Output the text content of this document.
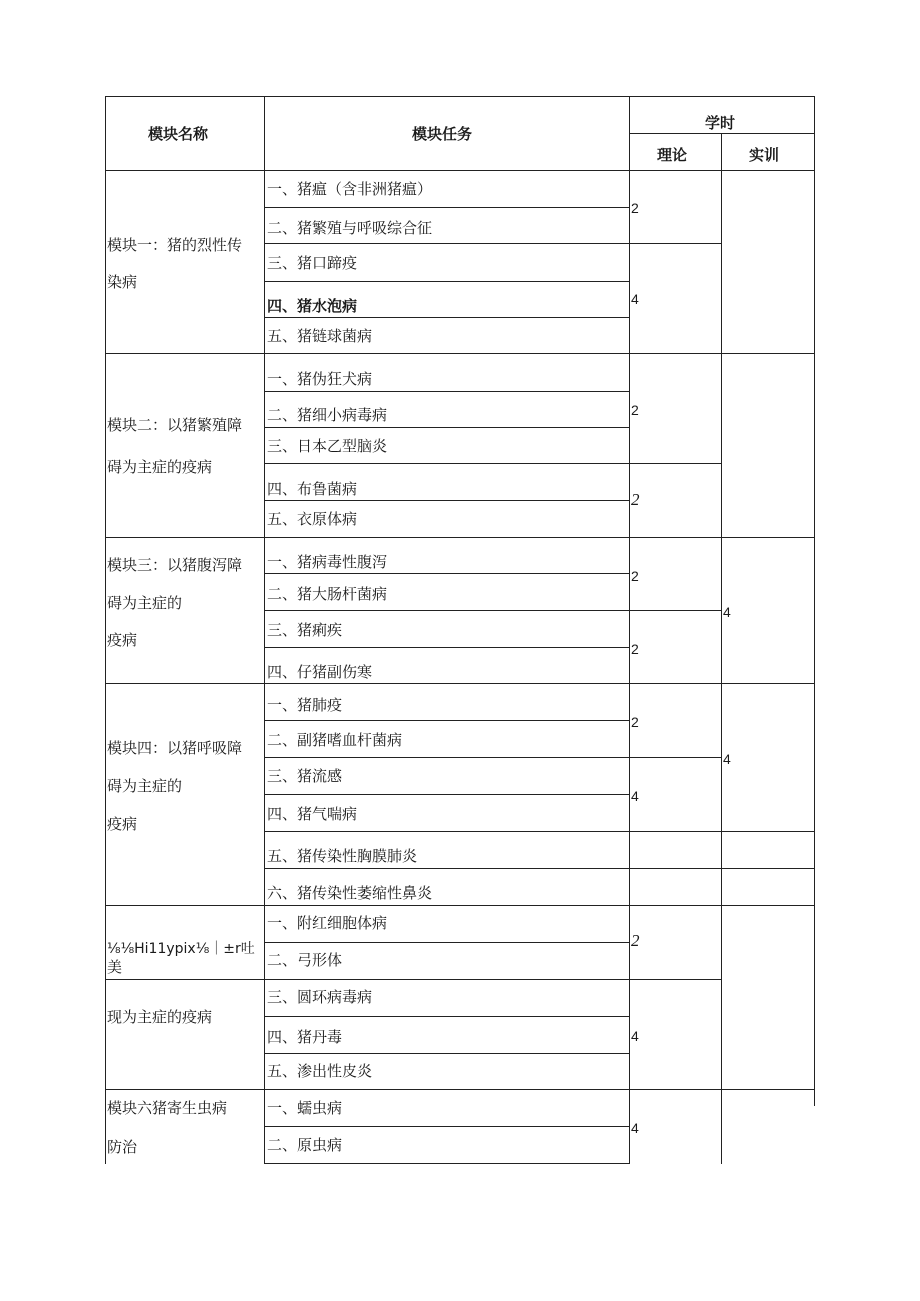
模块名称	模块任务
学时
理论	实训
模块一：猪的烈性传
染病
一、猪瘟（含非洲猪瘟）
二、猪繁殖与呼吸综合征
三、猪口蹄疫
四、猪水泡病
五、猪链球菌病
2
4
模块二：以猪繁殖障
碍为主症的疫病
一、猪伪狂犬病
二、猪细小病毒病
三、日本乙型脑炎
四、布鲁菌病
五、衣原体病
2
2
模块三：以猪腹泻障
碍为主症的
疫病
一、猪病毒性腹泻
二、猪大肠杆菌病
三、猪痢疾
四、仔猪副伤寒
2
2
4
模块四：以猪呼吸障
碍为主症的
疫病
一、猪肺疫
二、副猪嗜血杆菌病
三、猪流感
四、猪气喘病
五、猪传染性胸膜肺炎
六、猪传染性萎缩性鼻炎
2
4
4
⅛⅛Hi11ypix⅛｜±r吐
美
现为主症的疫病
一、附红细胞体病
二、弓形体
三、圆环病毒病
四、猪丹毒
五、渗出性皮炎
2
4
模块六猪寄生虫病
防治
一、蠕虫病
二、原虫病
4
